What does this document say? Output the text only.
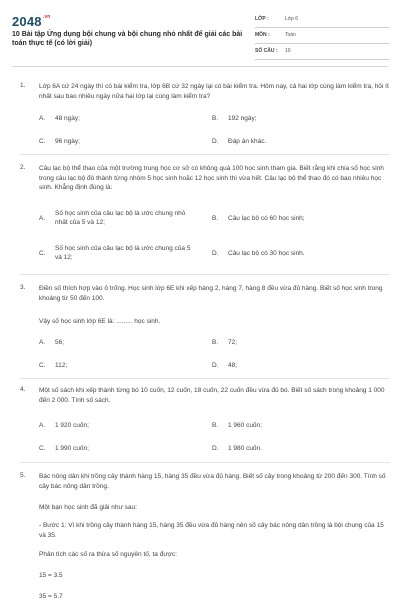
$2048^{.vn}$
10 Bài tập Ứng dụng bội chung và bội chung nhỏ nhất để giải các bài toán thực tế (có lời giải)
LỚP :	Lớp 6
MÔN :	Toán
SỐ CÂU : 10
1. Lớp 6A cứ 24 ngày thì có bài kiểm tra, lớp 6B cứ 32 ngày lại có bài kiểm tra. Hôm nay, cả hai lớp cùng làm kiểm tra, hỏi ít nhất sau bao nhiêu ngày nữa hai lớp lại cùng làm kiểm tra?
A. 48 ngày;	B. 192 ngày;
C. 96 ngày;	D. Đáp án khác.
2. Câu lạc bộ thể thao của một trường trung học cơ sở có không quá 100 học sinh tham gia. Biết rằng khi chia số học sinh trong câu lạc bộ đó thành từng nhóm 5 học sinh hoặc 12 học sinh thì vừa hết. Câu lạc bộ thể thao đó có bao nhiêu học sinh. Khẳng định đúng là:
A.
Số học sinh của câu lạc bộ là ước chung nhỏ nhất của 5 và 12;	B. Câu lạc bộ có 60 học sinh;
C.
Số học sinh của câu lạc bộ là ước chung của 5 và 12;	D. Câu lạc bộ có 30 học sinh.
3. Điền số thích hợp vào ô trống. Học sinh lớp 6E khi xếp hàng 2, hàng 7, hàng 8 đều vừa đủ hàng. Biết số học sinh trong khoảng từ 50 đến 100.
Vậy số học sinh lớp 6E là: ......... học sinh.
A. 56;	B. 72;
C. 112;	D. 48;
4. Một số sách khi xếp thành từng bó 10 cuốn, 12 cuốn, 18 cuốn, 22 cuốn đều vừa đủ bó. Biết số sách trong khoảng 1 000 đến 2 000. Tính số sách.
A. 1 920 cuốn;	B. 1 960 cuốn;
C. 1 990 cuốn;	D. 1 980 cuốn.
5. Bác nông dân khi trồng cây thành hàng 15, hàng 35 đều vừa đủ hàng. Biết số cây trong khoảng từ 200 đến 300. Tính số cây bác nông dân trồng.
Một bạn học sinh đã giải như sau:
- Bước 1: Vì khi trồng cây thành hàng 15, hàng 35 đều vừa đủ hàng nên số cây bác nông dân trồng là bội chung của 15 và 35.
Phân tích các số ra thừa số nguyên tố, ta được:
15 = 3.5
35 = 5.7
